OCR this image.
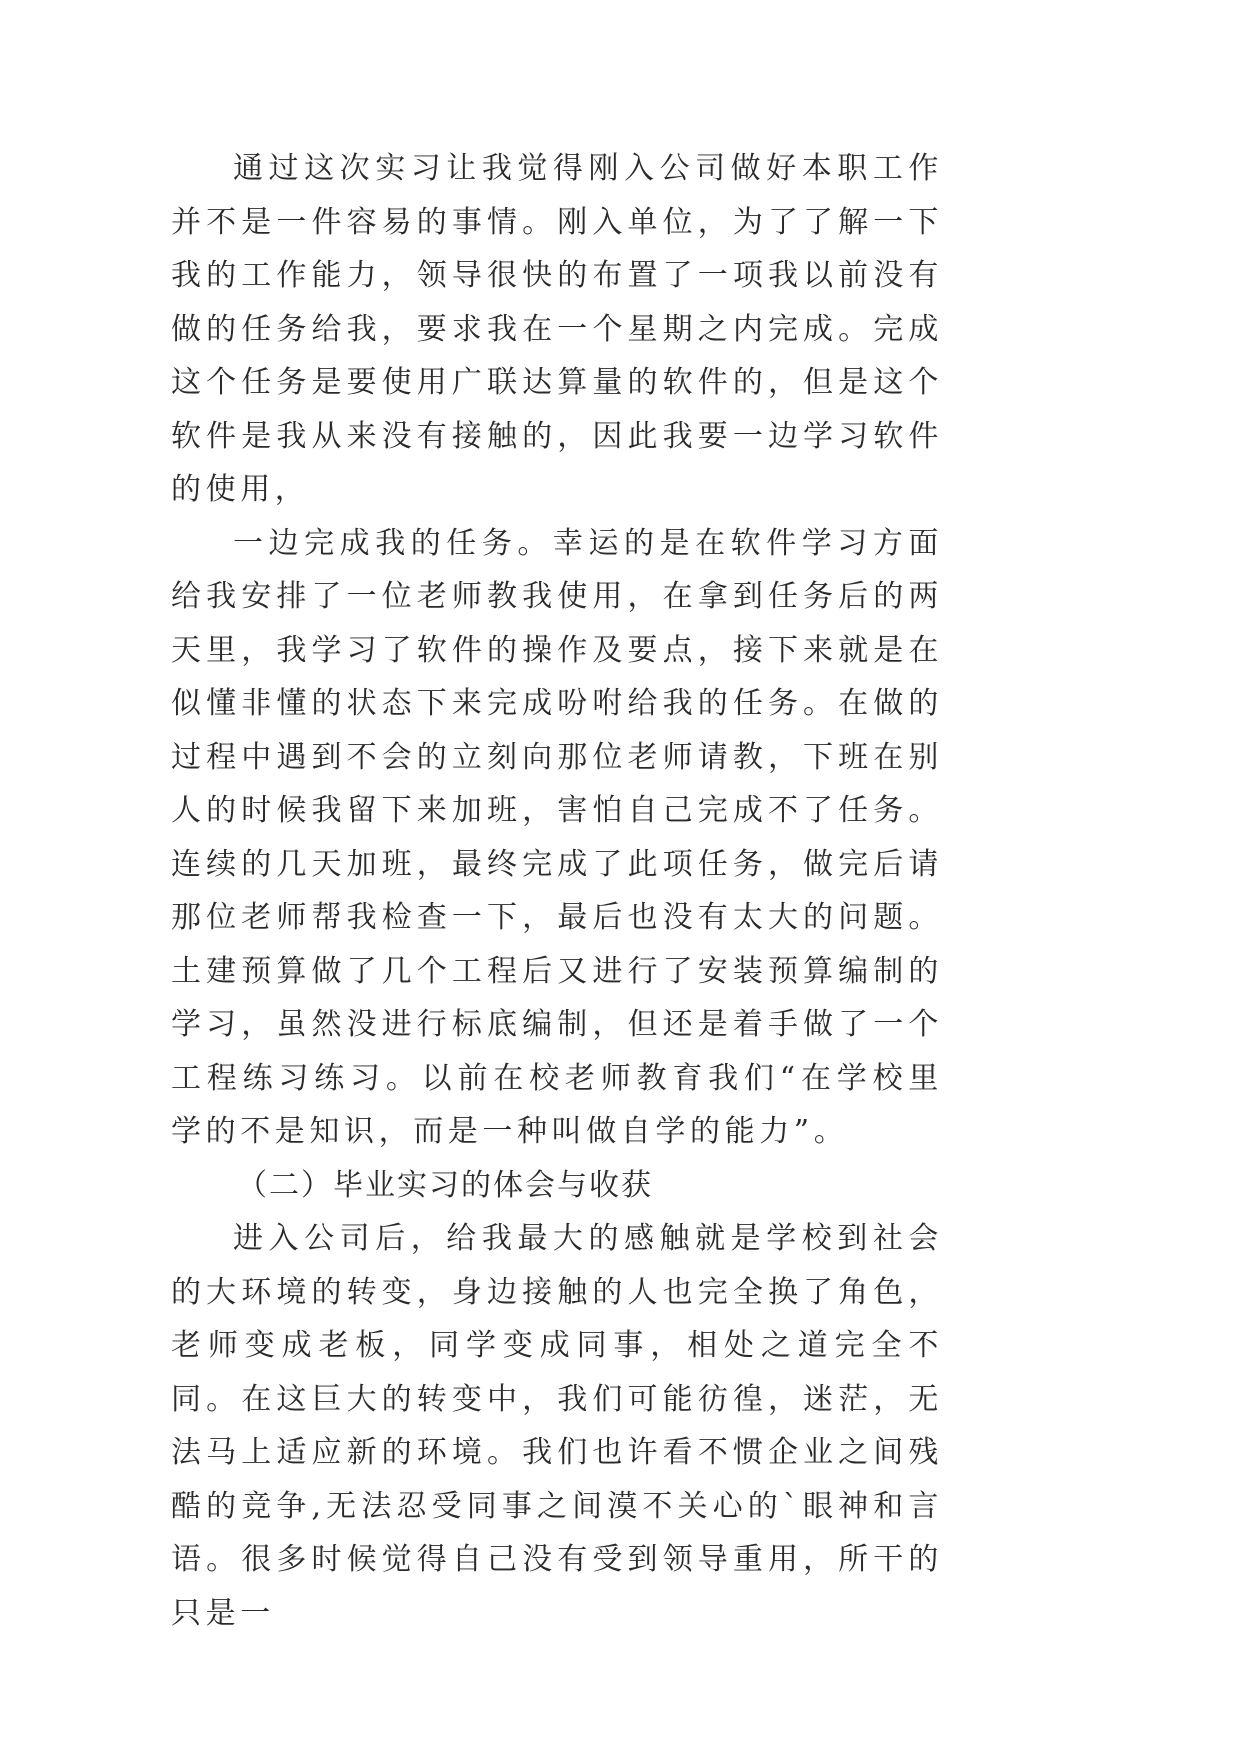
通过这次实习让我觉得刚入公司做好本职工作并不是一件容易的事情。刚入单位，为了了解一下我的工作能力，领导很快的布置了一项我以前没有做的任务给我，要求我在一个星期之内完成。完成这个任务是要使用广联达算量的软件的，但是这个软件是我从来没有接触的，因此我要一边学习软件的使用，

一边完成我的任务。幸运的是在软件学习方面给我安排了一位老师教我使用，在拿到任务后的两天里，我学习了软件的操作及要点，接下来就是在似懂非懂的状态下来完成吩咐给我的任务。在做的过程中遇到不会的立刻向那位老师请教，下班在别人的时候我留下来加班，害怕自己完成不了任务。连续的几天加班，最终完成了此项任务，做完后请那位老师帮我检查一下，最后也没有太大的问题。土建预算做了几个工程后又进行了安装预算编制的学习，虽然没进行标底编制，但还是着手做了一个工程练习练习。以前在校老师教育我们“在学校里学的不是知识，而是一种叫做自学的能力”。

（二）毕业实习的体会与收获

进入公司后，给我最大的感触就是学校到社会的大环境的转变，身边接触的人也完全换了角色，老师变成老板，同学变成同事，相处之道完全不同。在这巨大的转变中，我们可能彷徨，迷茫，无法马上适应新的环境。我们也许看不惯企业之间残酷的竞争,无法忍受同事之间漠不关心的`眼神和言语。很多时候觉得自己没有受到领导重用，所干的只是一
